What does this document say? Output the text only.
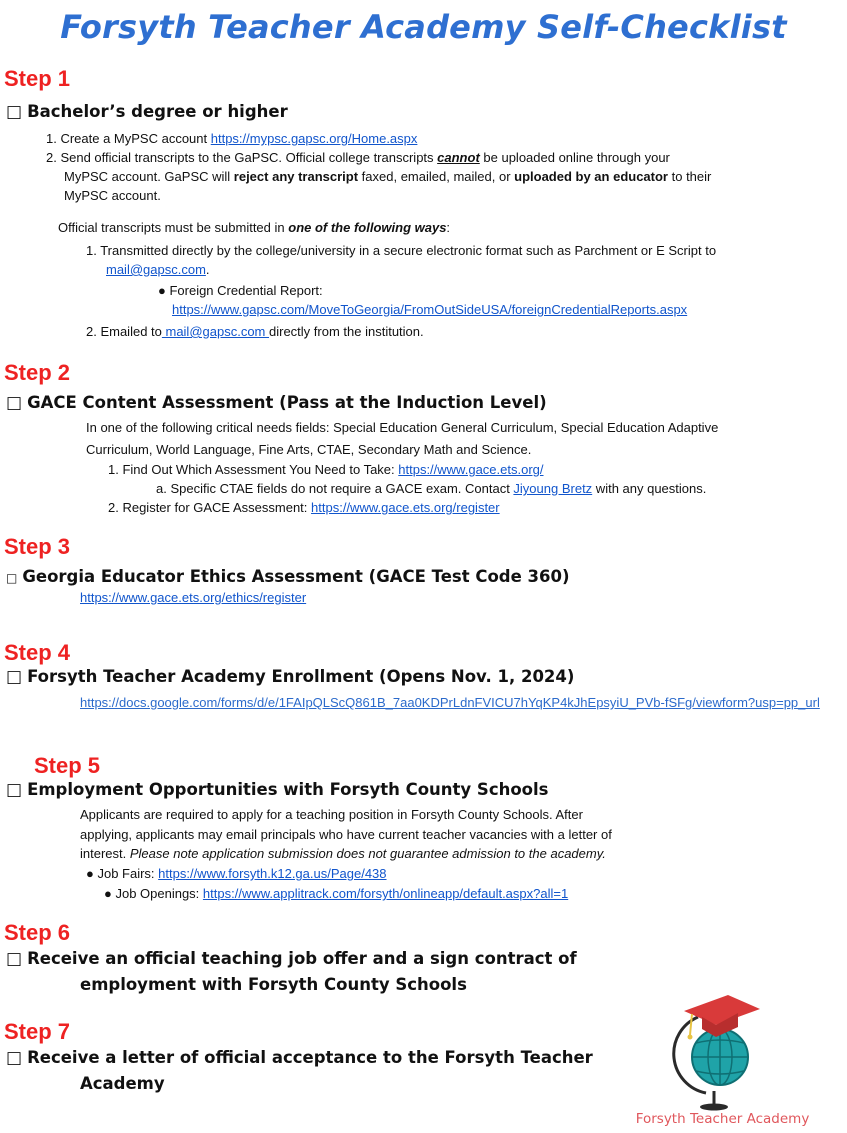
Forsyth Teacher Academy Self-Checklist
Step 1
□ Bachelor’s degree or higher
1. Create a MyPSC account https://mypsc.gapsc.org/Home.aspx
2. Send official transcripts to the GaPSC. Official college transcripts cannot be uploaded online through your
MyPSC account. GaPSC will reject any transcript faxed, emailed, mailed, or uploaded by an educator to their
MyPSC account.
Official transcripts must be submitted in one of the following ways:
1. Transmitted directly by the college/university in a secure electronic format such as Parchment or E Script to
mail@gapsc.com.
● Foreign Credential Report:
https://www.gapsc.com/MoveToGeorgia/FromOutSideUSA/foreignCredentialReports.aspx
2. Emailed to mail@gapsc.com directly from the institution.
Step 2
□ GACE Content Assessment (Pass at the Induction Level)
In one of the following critical needs fields: Special Education General Curriculum, Special Education Adaptive
Curriculum, World Language, Fine Arts, CTAE, Secondary Math and Science.
1. Find Out Which Assessment You Need to Take: https://www.gace.ets.org/
a. Specific CTAE fields do not require a GACE exam. Contact Jiyoung Bretz with any questions.
2. Register for GACE Assessment: https://www.gace.ets.org/register
Step 3
□ Georgia Educator Ethics Assessment (GACE Test Code 360)
https://www.gace.ets.org/ethics/register
Step 4
□ Forsyth Teacher Academy Enrollment (Opens Nov. 1, 2024)
https://docs.google.com/forms/d/e/1FAIpQLScQ861B_7aa0KDPrLdnFVICU7hYqKP4kJhEpsyiU_PVb-fSFg/viewform?usp=pp_url
Step 5
□ Employment Opportunities with Forsyth County Schools
Applicants are required to apply for a teaching position in Forsyth County Schools. After
applying, applicants may email principals who have current teacher vacancies with a letter of
interest. Please note application submission does not guarantee admission to the academy.
● Job Fairs: https://www.forsyth.k12.ga.us/Page/438
● Job Openings: https://www.applitrack.com/forsyth/onlineapp/default.aspx?all=1
Step 6
□ Receive an official teaching job offer and a sign contract of
employment with Forsyth County Schools
Step 7
□ Receive a letter of official acceptance to the Forsyth Teacher
Academy
Forsyth Teacher Academy
